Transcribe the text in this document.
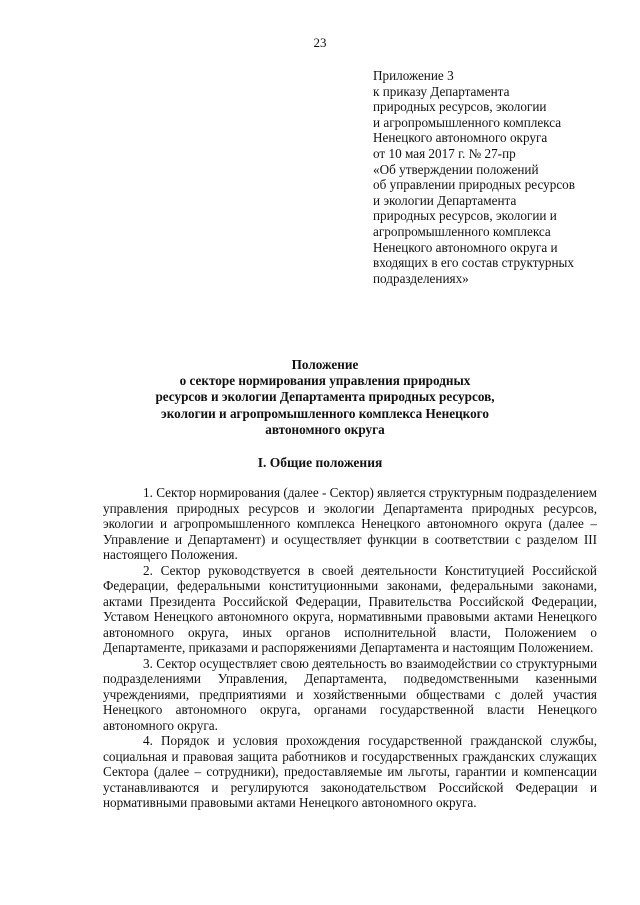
23
Приложение 3
к приказу Департамента
природных ресурсов, экологии
и агропромышленного комплекса
Ненецкого автономного округа
от 10 мая 2017 г. № 27-пр
«Об утверждении положений
об управлении природных ресурсов
и экологии Департамента
природных ресурсов, экологии и
агропромышленного комплекса
Ненецкого автономного округа и
входящих в его состав структурных
подразделениях»
Положение
о секторе нормирования управления природных
ресурсов и экологии Департамента природных ресурсов,
экологии и агропромышленного комплекса Ненецкого
автономного округа
I. Общие положения

1. Сектор нормирования (далее - Сектор) является структурным подразделением управления природных ресурсов и экологии Департамента природных ресурсов, экологии и агропромышленного комплекса Ненецкого автономного округа (далее – Управление и Департамент) и осуществляет функции в соответствии с разделом III настоящего Положения.

2. Сектор руководствуется в своей деятельности Конституцией Российской Федерации, федеральными конституционными законами, федеральными законами, актами Президента Российской Федерации, Правительства Российской Федерации, Уставом Ненецкого автономного округа, нормативными правовыми актами Ненецкого автономного округа, иных органов исполнительной власти, Положением о Департаменте, приказами и распоряжениями Департамента и настоящим Положением.

3. Сектор осуществляет свою деятельность во взаимодействии со структурными подразделениями Управления, Департамента, подведомственными казенными учреждениями, предприятиями и хозяйственными обществами с долей участия Ненецкого автономного округа, органами государственной власти Ненецкого автономного округа.

4. Порядок и условия прохождения государственной гражданской службы, социальная и правовая защита работников и государственных гражданских служащих Сектора (далее – сотрудники), предоставляемые им льготы, гарантии и компенсации устанавливаются и регулируются законодательством Российской Федерации и нормативными правовыми актами Ненецкого автономного округа.
